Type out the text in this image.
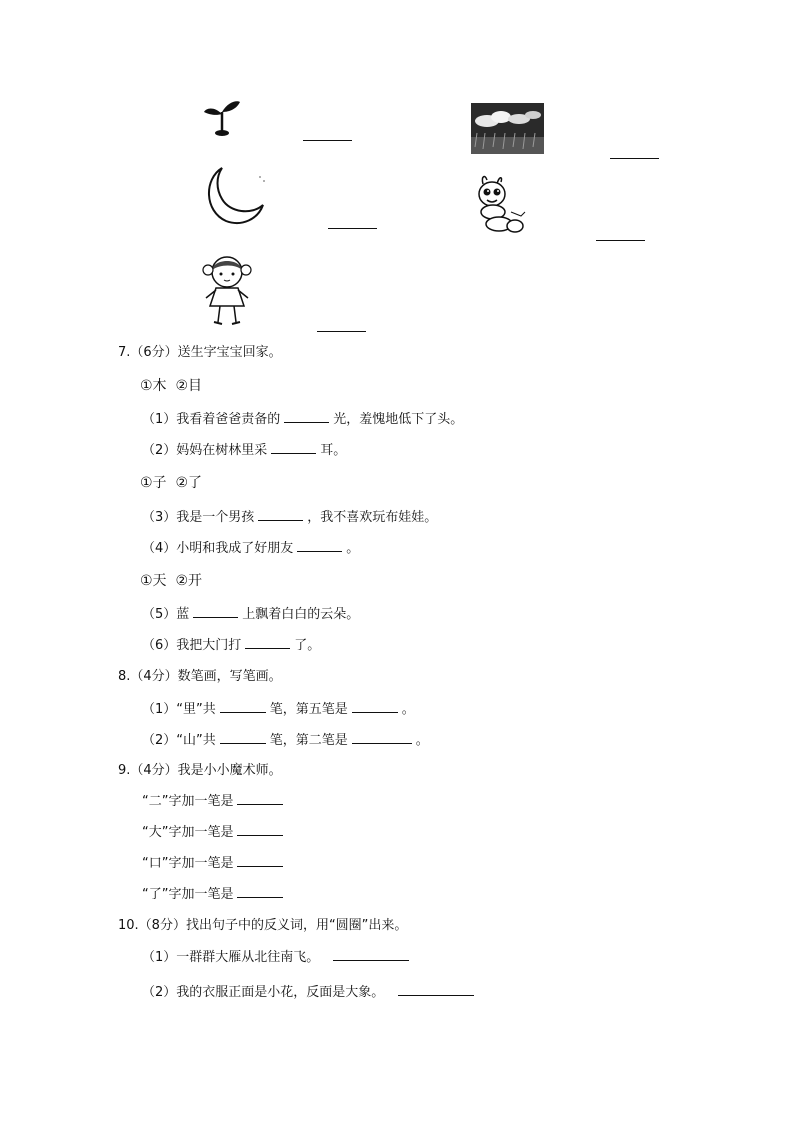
7.（6分）送生字宝宝回家。
①木 ②目
（1）我看着爸爸责备的	光，羞愧地低下了头。
（2）妈妈在树林里采	耳。
①子 ②了
（3）我是一个男孩	，我不喜欢玩布娃娃。
（4）小明和我成了好朋友	。
①天 ②开
（5）蓝	上飘着白白的云朵。
（6）我把大门打	了。
8.（4分）数笔画，写笔画。
（1）“里”共	笔，第五笔是	。
（2）“山”共	笔，第二笔是	。
9.（4分）我是小小魔术师。
“二”字加一笔是
“大”字加一笔是
“口”字加一笔是
“了”字加一笔是
10.（8分）找出句子中的反义词，用“圆圈”出来。
（1）一群群大雁从北往南飞。
（2）我的衣服正面是小花，反面是大象。
